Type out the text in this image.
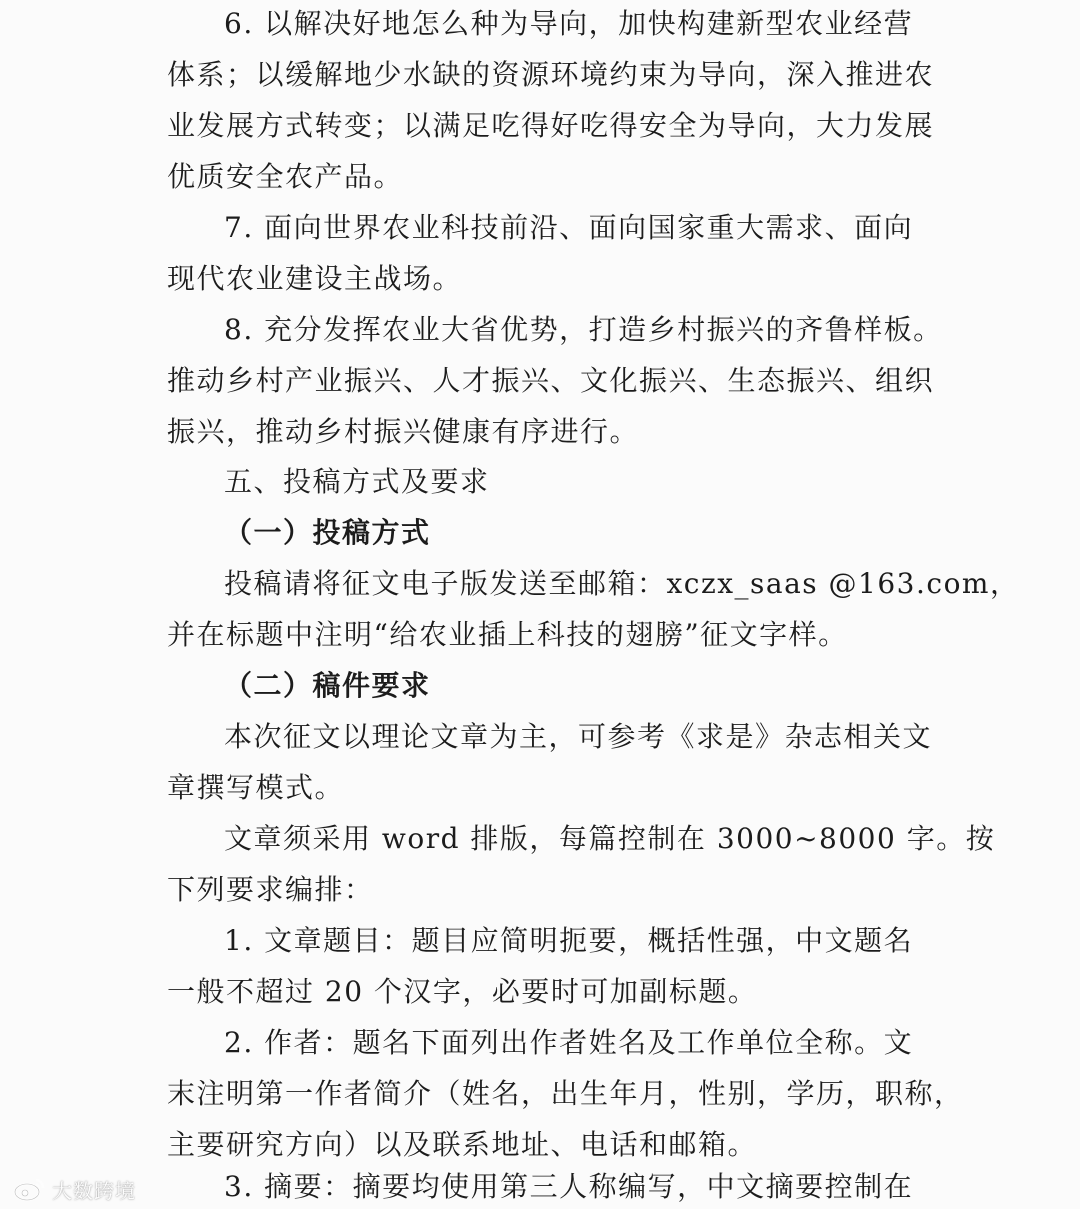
6. 以解决好地怎么种为导向，加快构建新型农业经营
体系；以缓解地少水缺的资源环境约束为导向，深入推进农
业发展方式转变；以满足吃得好吃得安全为导向，大力发展
优质安全农产品。
7. 面向世界农业科技前沿、面向国家重大需求、面向
现代农业建设主战场。
8. 充分发挥农业大省优势，打造乡村振兴的齐鲁样板。
推动乡村产业振兴、人才振兴、文化振兴、生态振兴、组织
振兴，推动乡村振兴健康有序进行。
五、投稿方式及要求
（一）投稿方式
投稿请将征文电子版发送至邮箱：xczx_saas @163.com，
并在标题中注明“给农业插上科技的翅膀”征文字样。
（二）稿件要求
本次征文以理论文章为主，可参考《求是》杂志相关文
章撰写模式。
文章须采用 word 排版，每篇控制在 3000~8000 字。按
下列要求编排：
1. 文章题目：题目应简明扼要，概括性强，中文题名
一般不超过 20 个汉字，必要时可加副标题。
2. 作者：题名下面列出作者姓名及工作单位全称。文
末注明第一作者简介（姓名，出生年月，性别，学历，职称，
主要研究方向）以及联系地址、电话和邮箱。
3. 摘要：摘要均使用第三人称编写，中文摘要控制在
大数跨境
